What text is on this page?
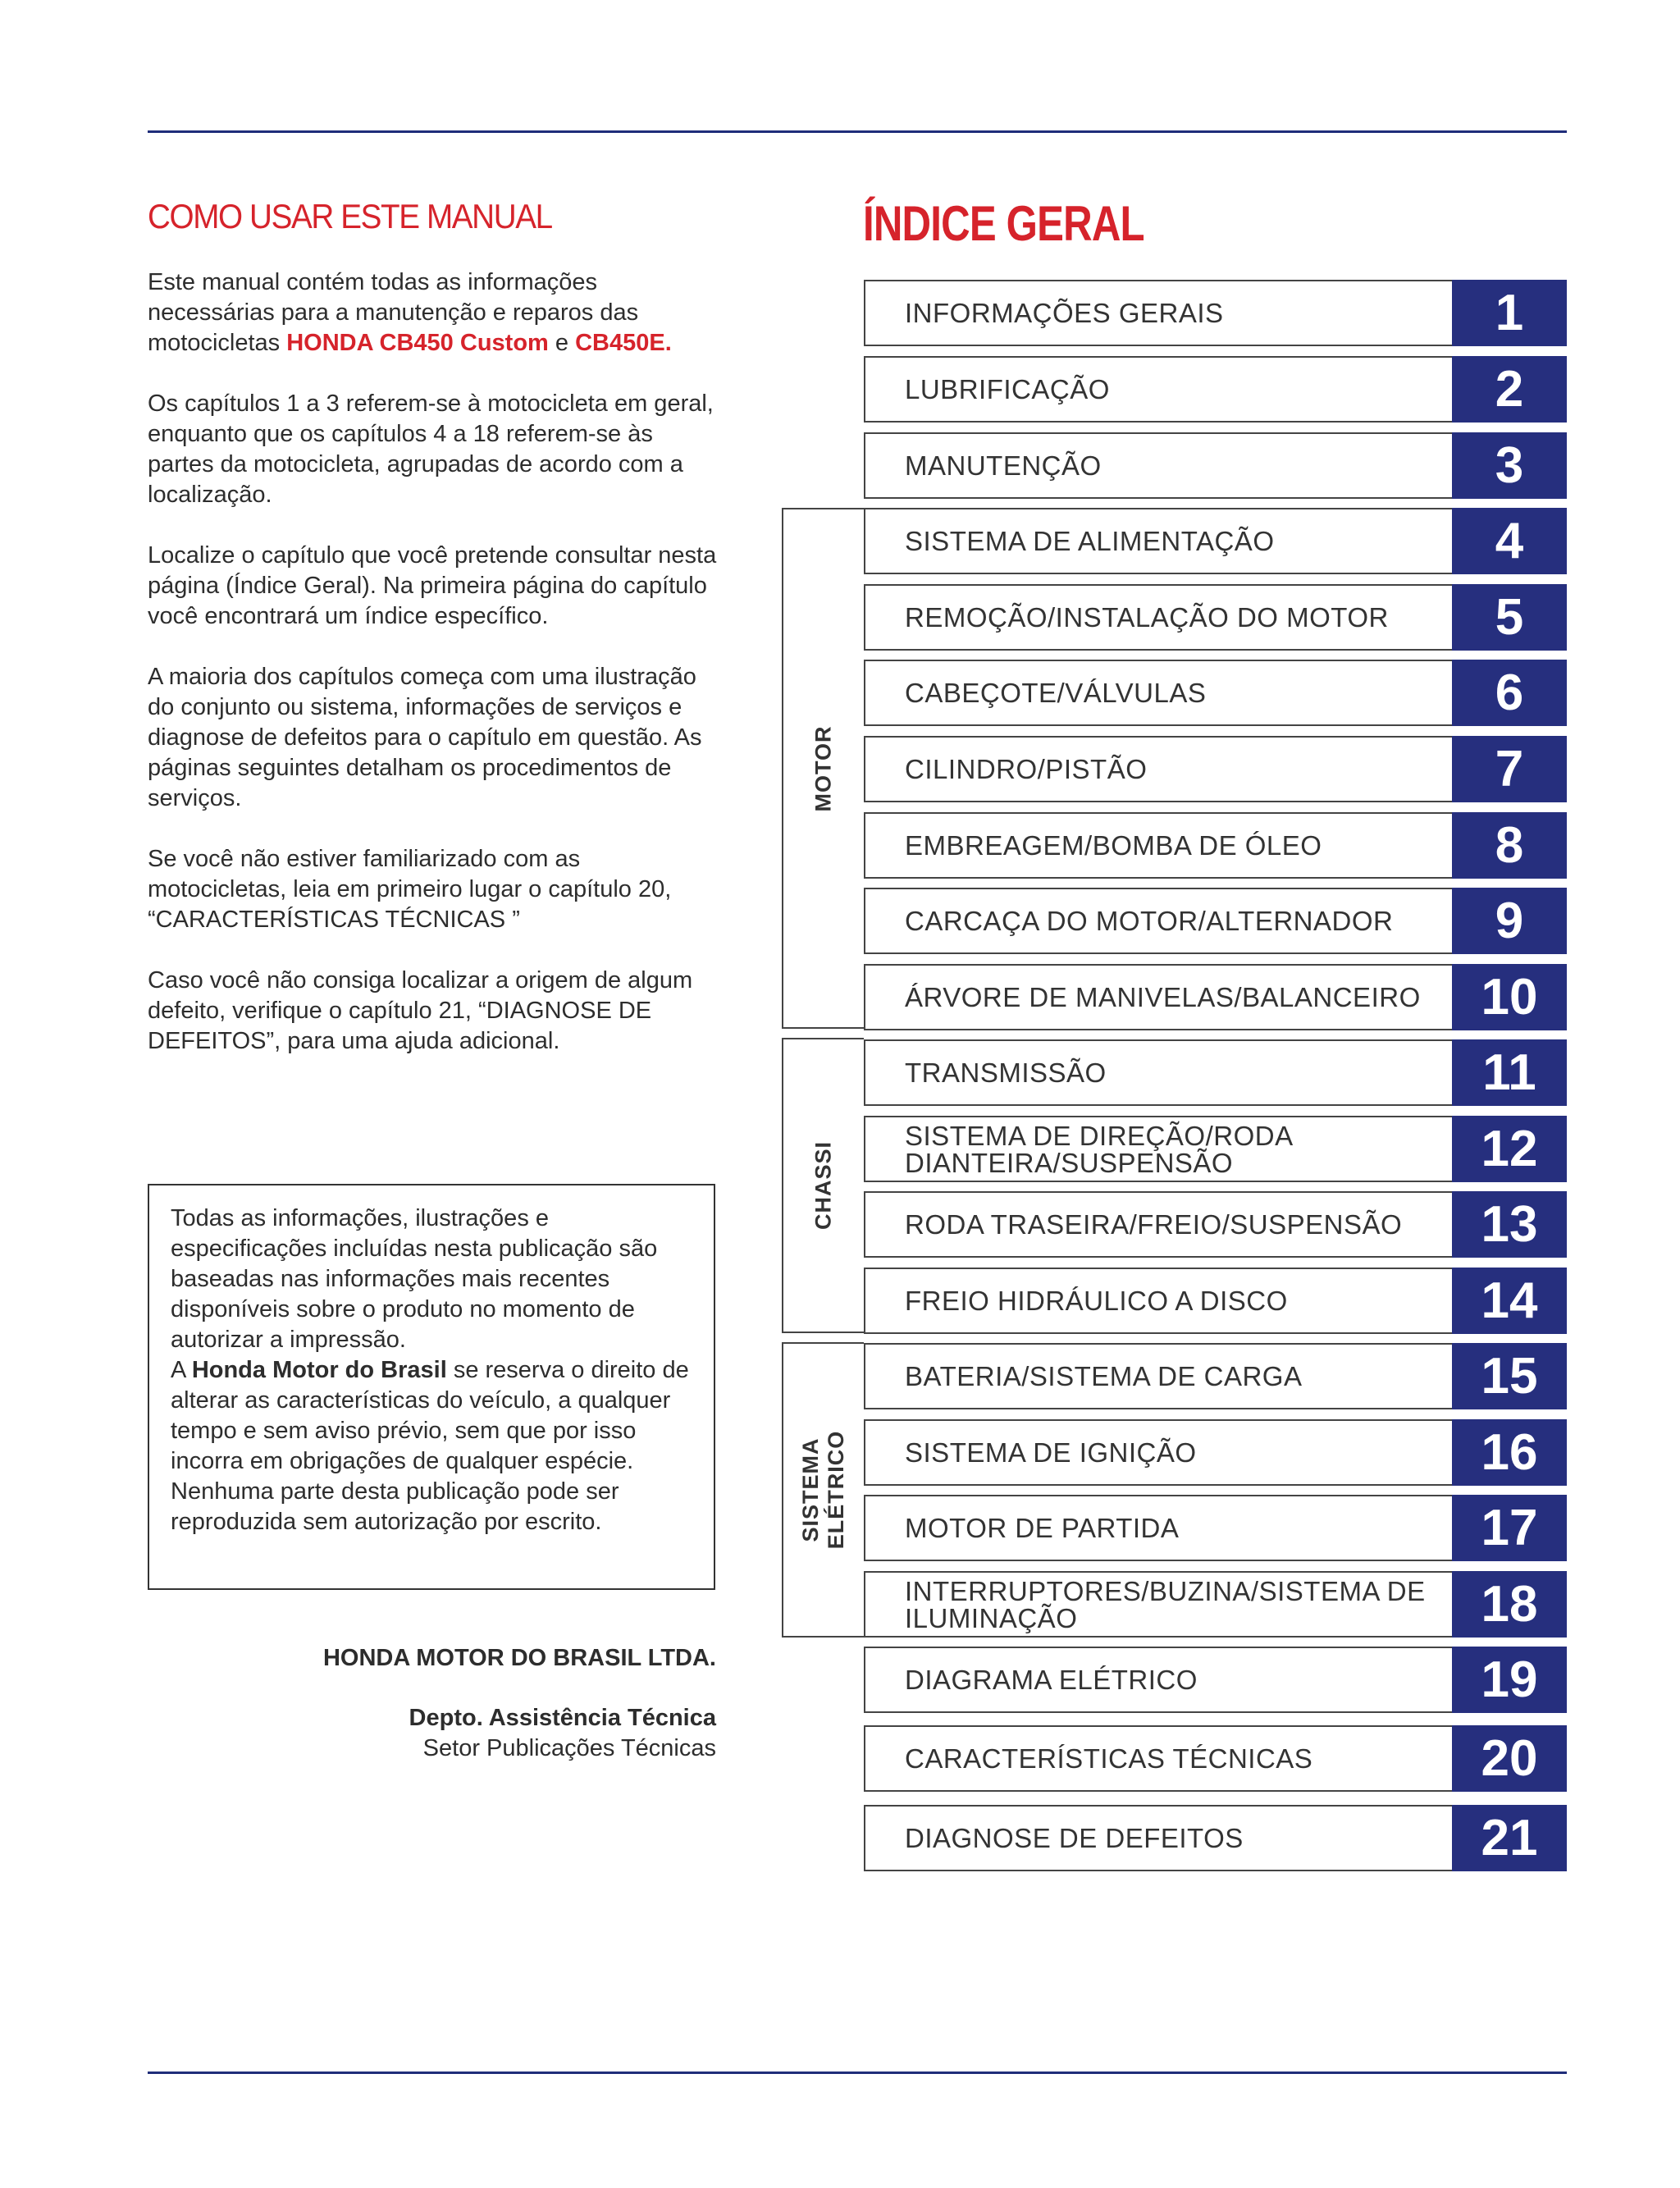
COMO USAR ESTE MANUAL

Este manual contém todas as informações necessárias para a manutenção e reparos das motocicletas HONDA CB450 Custom e CB450E.

Os capítulos 1 a 3 referem-se à motocicleta em geral, enquanto que os capítulos 4 a 18 referem-se às partes da motocicleta, agrupadas de acordo com a localização.

Localize o capítulo que você pretende consultar nesta página (Índice Geral). Na primeira página do capítulo você encontrará um índice específico.

A maioria dos capítulos começa com uma ilustração do conjunto ou sistema, informações de serviços e diagnose de defeitos para o capítulo em questão. As páginas seguintes detalham os procedimentos de serviços.

Se você não estiver familiarizado com as motocicletas, leia em primeiro lugar o capítulo 20, “CARACTERÍSTICAS TÉCNICAS ”

Caso você não consiga localizar a origem de algum defeito, verifique o capítulo 21, “DIAGNOSE DE DEFEITOS”, para uma ajuda adicional.

Todas as informações, ilustrações e especificações incluídas nesta publicação são baseadas nas informações mais recentes disponíveis sobre o produto no momento de autorizar a impressão.

A Honda Motor do Brasil se reserva o direito de alterar as características do veículo, a qualquer tempo e sem aviso prévio, sem que por isso incorra em obrigações de qualquer espécie.

Nenhuma parte desta publicação pode ser reproduzida sem autorização por escrito.

HONDA MOTOR DO BRASIL LTDA.
Depto. Assistência Técnica
Setor Publicações Técnicas
ÍNDICE GERAL
MOTOR
CHASSI
SISTEMA
ELÉTRICO
INFORMAÇÕES GERAIS	1
LUBRIFICAÇÃO	2
MANUTENÇÃO	3
SISTEMA DE ALIMENTAÇÃO	4
REMOÇÃO/INSTALAÇÃO DO MOTOR	5
CABEÇOTE/VÁLVULAS	6
CILINDRO/PISTÃO	7
EMBREAGEM/BOMBA DE ÓLEO	8
CARCAÇA DO MOTOR/ALTERNADOR	9
ÁRVORE DE MANIVELAS/BALANCEIRO	10
TRANSMISSÃO	11
SISTEMA DE DIREÇÃO/RODA
DIANTEIRA/SUSPENSÃO	12
RODA TRASEIRA/FREIO/SUSPENSÃO	13
FREIO HIDRÁULICO A DISCO	14
BATERIA/SISTEMA DE CARGA	15
SISTEMA DE IGNIÇÃO	16
MOTOR DE PARTIDA	17
INTERRUPTORES/BUZINA/SISTEMA DE
ILUMINAÇÃO	18
DIAGRAMA ELÉTRICO	19
CARACTERÍSTICAS TÉCNICAS	20
DIAGNOSE DE DEFEITOS	21
